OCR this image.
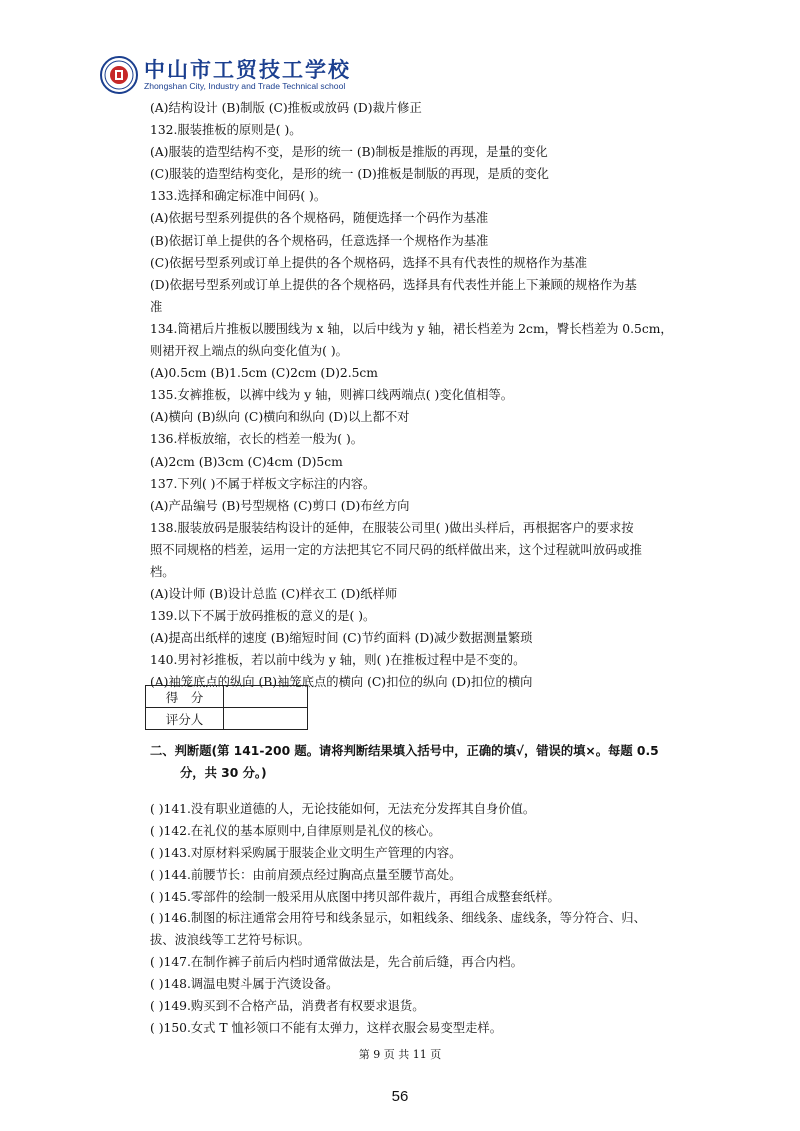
中山市工贸技工学校
Zhongshan City, Industry and Trade Technical school
(A)结构设计 (B)制版 (C)推板或放码 (D)裁片修正
132.服装推板的原则是( )。
(A)服装的造型结构不变，是形的统一 (B)制板是推版的再现，是量的变化
(C)服装的造型结构变化，是形的统一 (D)推板是制版的再现，是质的变化
133.选择和确定标准中间码( )。
(A)依据号型系列提供的各个规格码，随便选择一个码作为基准
(B)依据订单上提供的各个规格码，任意选择一个规格作为基准
(C)依据号型系列或订单上提供的各个规格码，选择不具有代表性的规格作为基准
(D)依据号型系列或订单上提供的各个规格码，选择具有代表性并能上下兼顾的规格作为基
准
134.筒裙后片推板以腰围线为 x 轴，以后中线为 y 轴，裙长档差为 2cm，臀长档差为 0.5cm，
则裙开衩上端点的纵向变化值为( )。
(A)0.5cm (B)1.5cm (C)2cm (D)2.5cm
135.女裤推板，以裤中线为 y 轴，则裤口线两端点( )变化值相等。
(A)横向 (B)纵向 (C)横向和纵向 (D)以上都不对
136.样板放缩，衣长的档差一般为( )。
(A)2cm (B)3cm (C)4cm (D)5cm
137.下列( )不属于样板文字标注的内容。
(A)产品编号 (B)号型规格 (C)剪口 (D)布丝方向
138.服装放码是服装结构设计的延伸，在服装公司里( )做出头样后，再根据客户的要求按
照不同规格的档差，运用一定的方法把其它不同尺码的纸样做出来，这个过程就叫放码或推
档。
(A)设计师 (B)设计总监 (C)样衣工 (D)纸样师
139.以下不属于放码推板的意义的是( )。
(A)提高出纸样的速度 (B)缩短时间 (C)节约面料 (D)减少数据测量繁琐
140.男衬衫推板，若以前中线为 y 轴，则( )在推板过程中是不变的。
(A)袖笼底点的纵向 (B)袖笼底点的横向 (C)扣位的纵向 (D)扣位的横向
得　分	
评分人	
二、判断题(第 141-200 题。请将判断结果填入括号中，正确的填√，错误的填×。每题 0.5
分，共 30 分。)
( )141.没有职业道德的人，无论技能如何，无法充分发挥其自身价值。
( )142.在礼仪的基本原则中,自律原则是礼仪的核心。
( )143.对原材料采购属于服装企业文明生产管理的内容。
( )144.前腰节长：由前肩颈点经过胸高点量至腰节高处。
( )145.零部件的绘制一般采用从底图中拷贝部件裁片，再组合成整套纸样。
( )146.制图的标注通常会用符号和线条显示，如粗线条、细线条、虚线条，等分符合、归、
拔、波浪线等工艺符号标识。
( )147.在制作裤子前后内档时通常做法是，先合前后缝，再合内档。
( )148.调温电熨斗属于汽烫设备。
( )149.购买到不合格产品，消费者有权要求退货。
( )150.女式 T 恤衫领口不能有太弹力，这样衣服会易变型走样。
第 9 页 共 11 页
56
